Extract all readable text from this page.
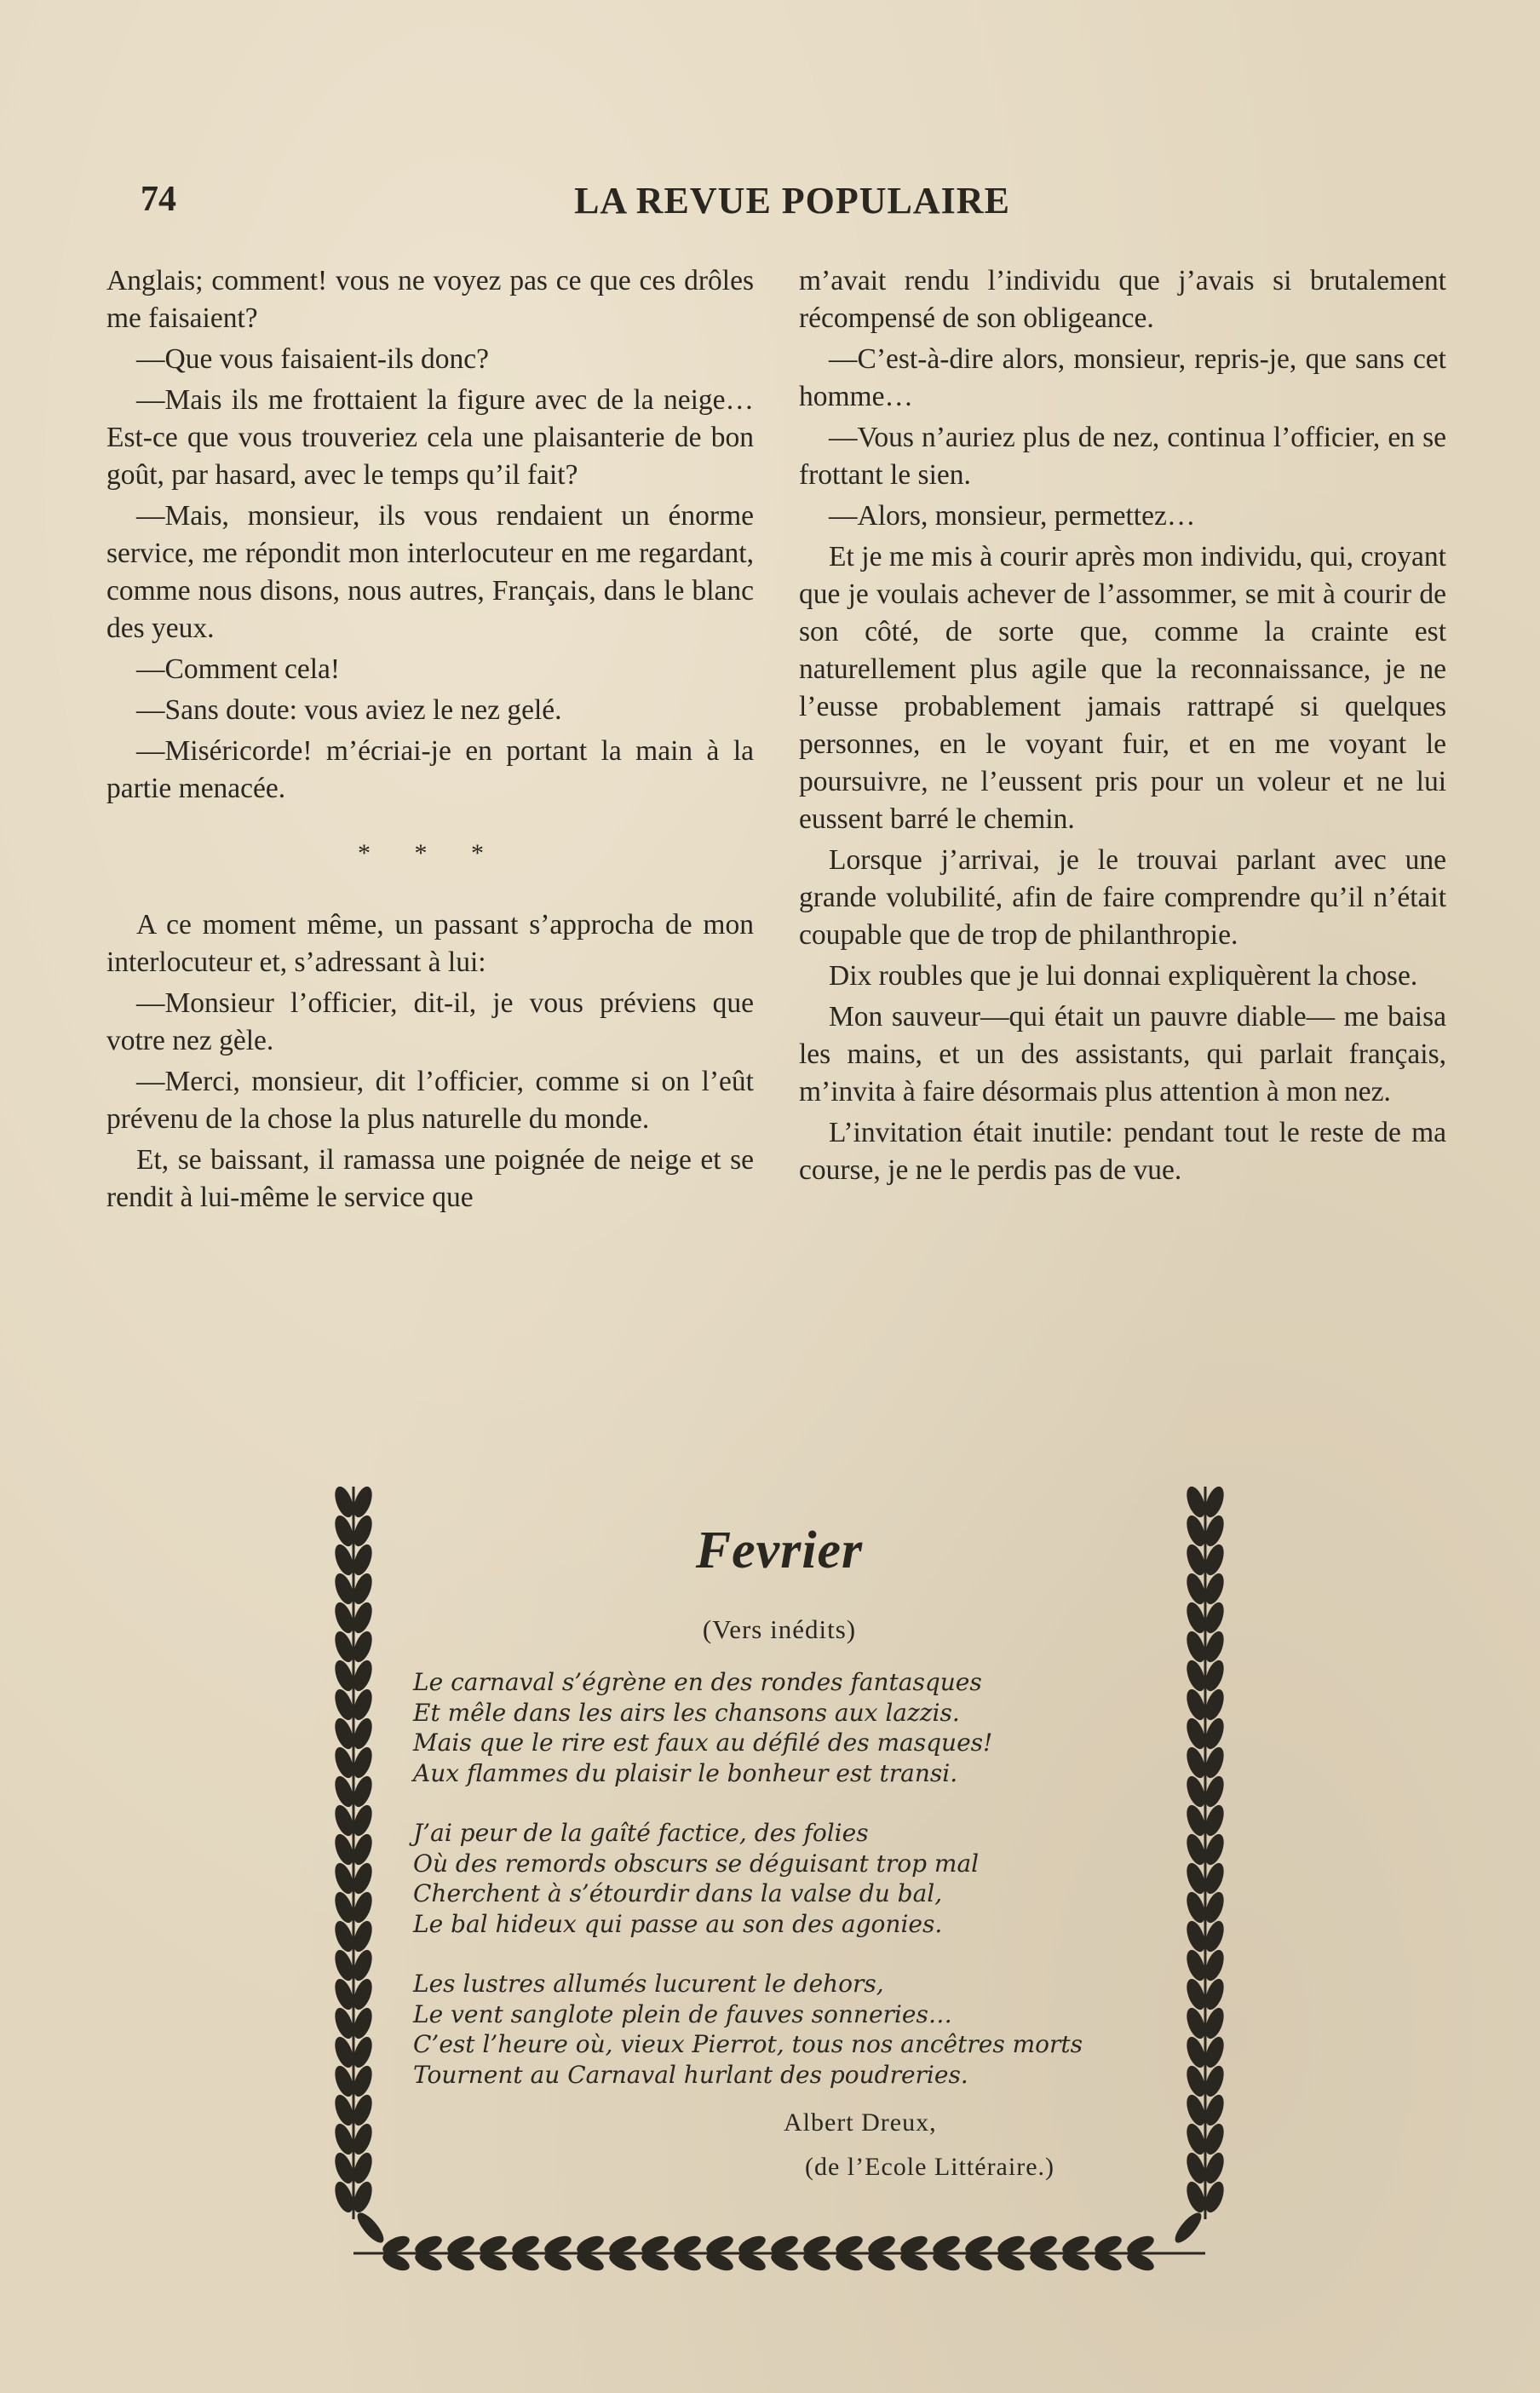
74	LA REVUE POPULAIRE

Anglais; comment! vous ne voyez pas ce que ces drôles me faisaient?

—Que vous faisaient-ils donc?

—Mais ils me frottaient la figure avec de la neige… Est-ce que vous trouveriez cela une plaisanterie de bon goût, par hasard, avec le temps qu’il fait?

—Mais, monsieur, ils vous rendaient un énorme service, me répondit mon interlocuteur en me regardant, comme nous disons, nous autres, Français, dans le blanc des yeux.

—Comment cela!

—Sans doute: vous aviez le nez gelé.

—Miséricorde! m’écriai-je en portant la main à la partie menacée.

* * *

A ce moment même, un passant s’approcha de mon interlocuteur et, s’adressant à lui:

—Monsieur l’officier, dit-il, je vous préviens que votre nez gèle.

—Merci, monsieur, dit l’officier, comme si on l’eût prévenu de la chose la plus naturelle du monde.

Et, se baissant, il ramassa une poignée de neige et se rendit à lui-même le service que

m’avait rendu l’individu que j’avais si brutalement récompensé de son obligeance.

—C’est-à-dire alors, monsieur, repris-je, que sans cet homme…

—Vous n’auriez plus de nez, continua l’officier, en se frottant le sien.

—Alors, monsieur, permettez…

Et je me mis à courir après mon individu, qui, croyant que je voulais achever de l’assommer, se mit à courir de son côté, de sorte que, comme la crainte est naturellement plus agile que la reconnaissance, je ne l’eusse probablement jamais rattrapé si quelques personnes, en le voyant fuir, et en me voyant le poursuivre, ne l’eussent pris pour un voleur et ne lui eussent barré le chemin.

Lorsque j’arrivai, je le trouvai parlant avec une grande volubilité, afin de faire comprendre qu’il n’était coupable que de trop de philanthropie.

Dix roubles que je lui donnai expliquèrent la chose.

Mon sauveur—qui était un pauvre diable— me baisa les mains, et un des assistants, qui parlait français, m’invita à faire désormais plus attention à mon nez.

L’invitation était inutile: pendant tout le reste de ma course, je ne le perdis pas de vue.

Fevrier
(Vers inédits)
Le carnaval s’égrène en des rondes fantasques
Et mêle dans les airs les chansons aux lazzis.
Mais que le rire est faux au défilé des masques!
Aux flammes du plaisir le bonheur est transi.
J’ai peur de la gaîté factice, des folies
Où des remords obscurs se déguisant trop mal
Cherchent à s’étourdir dans la valse du bal,
Le bal hideux qui passe au son des agonies.
Les lustres allumés lucurent le dehors,
Le vent sanglote plein de fauves sonneries…
C’est l’heure où, vieux Pierrot, tous nos ancêtres morts
Tournent au Carnaval hurlant des poudreries.
Albert Dreux,
(de l’Ecole Littéraire.)
